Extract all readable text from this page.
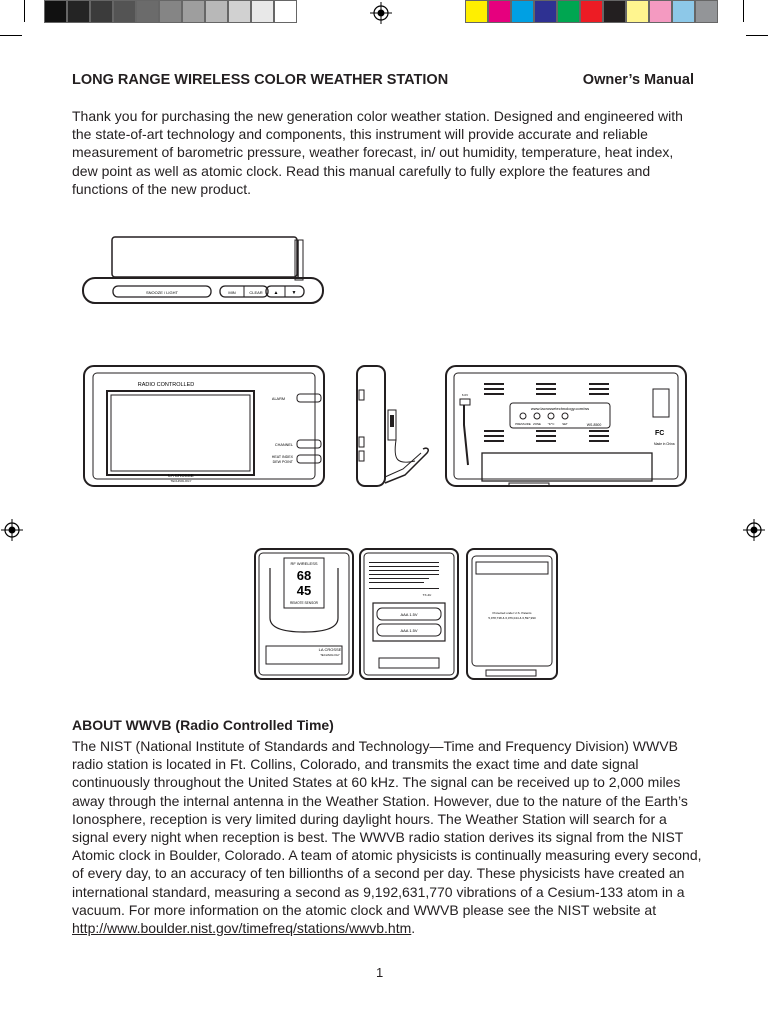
LONG RANGE WIRELESS COLOR WEATHER STATION	Owner’s Manual
Thank you for purchasing the new generation color weather station. Designed and engineered with the state-of-art technology and components, this instrument will provide accurate and reliable measurement of barometric pressure, weather forecast, in/ out humidity, temperature, heat index, dew point as well as atomic clock. Read this manual carefully to fully explore the features and functions of the new product.
SNOOZE / LIGHT	MIN	CLEAR ▲	▼
RADIO CONTROLLED
ALARM
CHANNEL
HEAT INDEX
DEW POINT
LA CROSSE
TECHNOLOGY
www.lacrossetechnology.com/ws
PRESSURE ZONE °F/°C	SET	WS-8500
6.0V
FC
Made in China
RF WIRELESS
68
45
REMOTE SENSOR
LA CROSSE
TECHNOLOGY
TX-4U
AAA 1.5V
AAA 1.5V
Protected under U.S. Patents
5,978,738 & 6,076,044 & 6,597,990
ABOUT WWVB (Radio Controlled Time)
The NIST (National Institute of Standards and Technology—Time and Frequency Division) WWVB radio station is located in Ft. Collins, Colorado, and transmits the exact time and date signal continuously throughout the United States at 60 kHz. The signal can be received up to 2,000 miles away through the internal antenna in the Weather Station. However, due to the nature of the Earth’s Ionosphere, reception is very limited during daylight hours. The Weather Station will search for a signal every night when reception is best. The WWVB radio station derives its signal from the NIST Atomic clock in Boulder, Colorado. A team of atomic physicists is continually measuring every second, of every day, to an accuracy of ten billionths of a second per day. These physicists have created an international standard, measuring a second as 9,192,631,770 vibrations of a Cesium-133 atom in a vacuum. For more information on the atomic clock and WWVB please see the NIST website at http://www.boulder.nist.gov/timefreq/stations/wwvb.htm.
1
